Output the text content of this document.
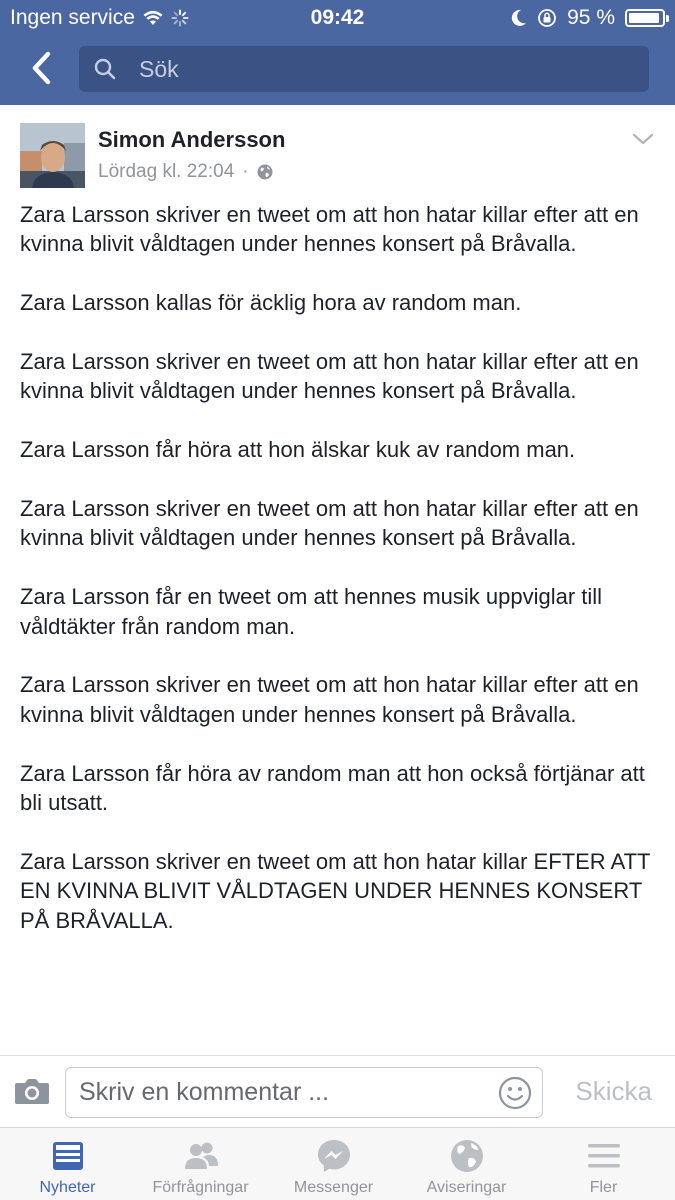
Ingen service	09:42	95 %
Sök
Simon Andersson
Lördag kl. 22:04 ·

Zara Larsson skriver en tweet om att hon hatar killar efter att en kvinna blivit våldtagen under hennes konsert på Bråvalla.

Zara Larsson kallas för äcklig hora av random man.

Zara Larsson skriver en tweet om att hon hatar killar efter att en kvinna blivit våldtagen under hennes konsert på Bråvalla.

Zara Larsson får höra att hon älskar kuk av random man.

Zara Larsson skriver en tweet om att hon hatar killar efter att en kvinna blivit våldtagen under hennes konsert på Bråvalla.

Zara Larsson får en tweet om att hennes musik uppviglar till våldtäkter från random man.

Zara Larsson skriver en tweet om att hon hatar killar efter att en kvinna blivit våldtagen under hennes konsert på Bråvalla.

Zara Larsson får höra av random man att hon också förtjänar att bli utsatt.

Zara Larsson skriver en tweet om att hon hatar killar EFTER ATT EN KVINNA BLIVIT VÅLDTAGEN UNDER HENNES KONSERT PÅ BRÅVALLA.

Skriv en kommentar ...	Skicka
Nyheter	Förfrågningar	Messenger	Aviseringar	Fler
